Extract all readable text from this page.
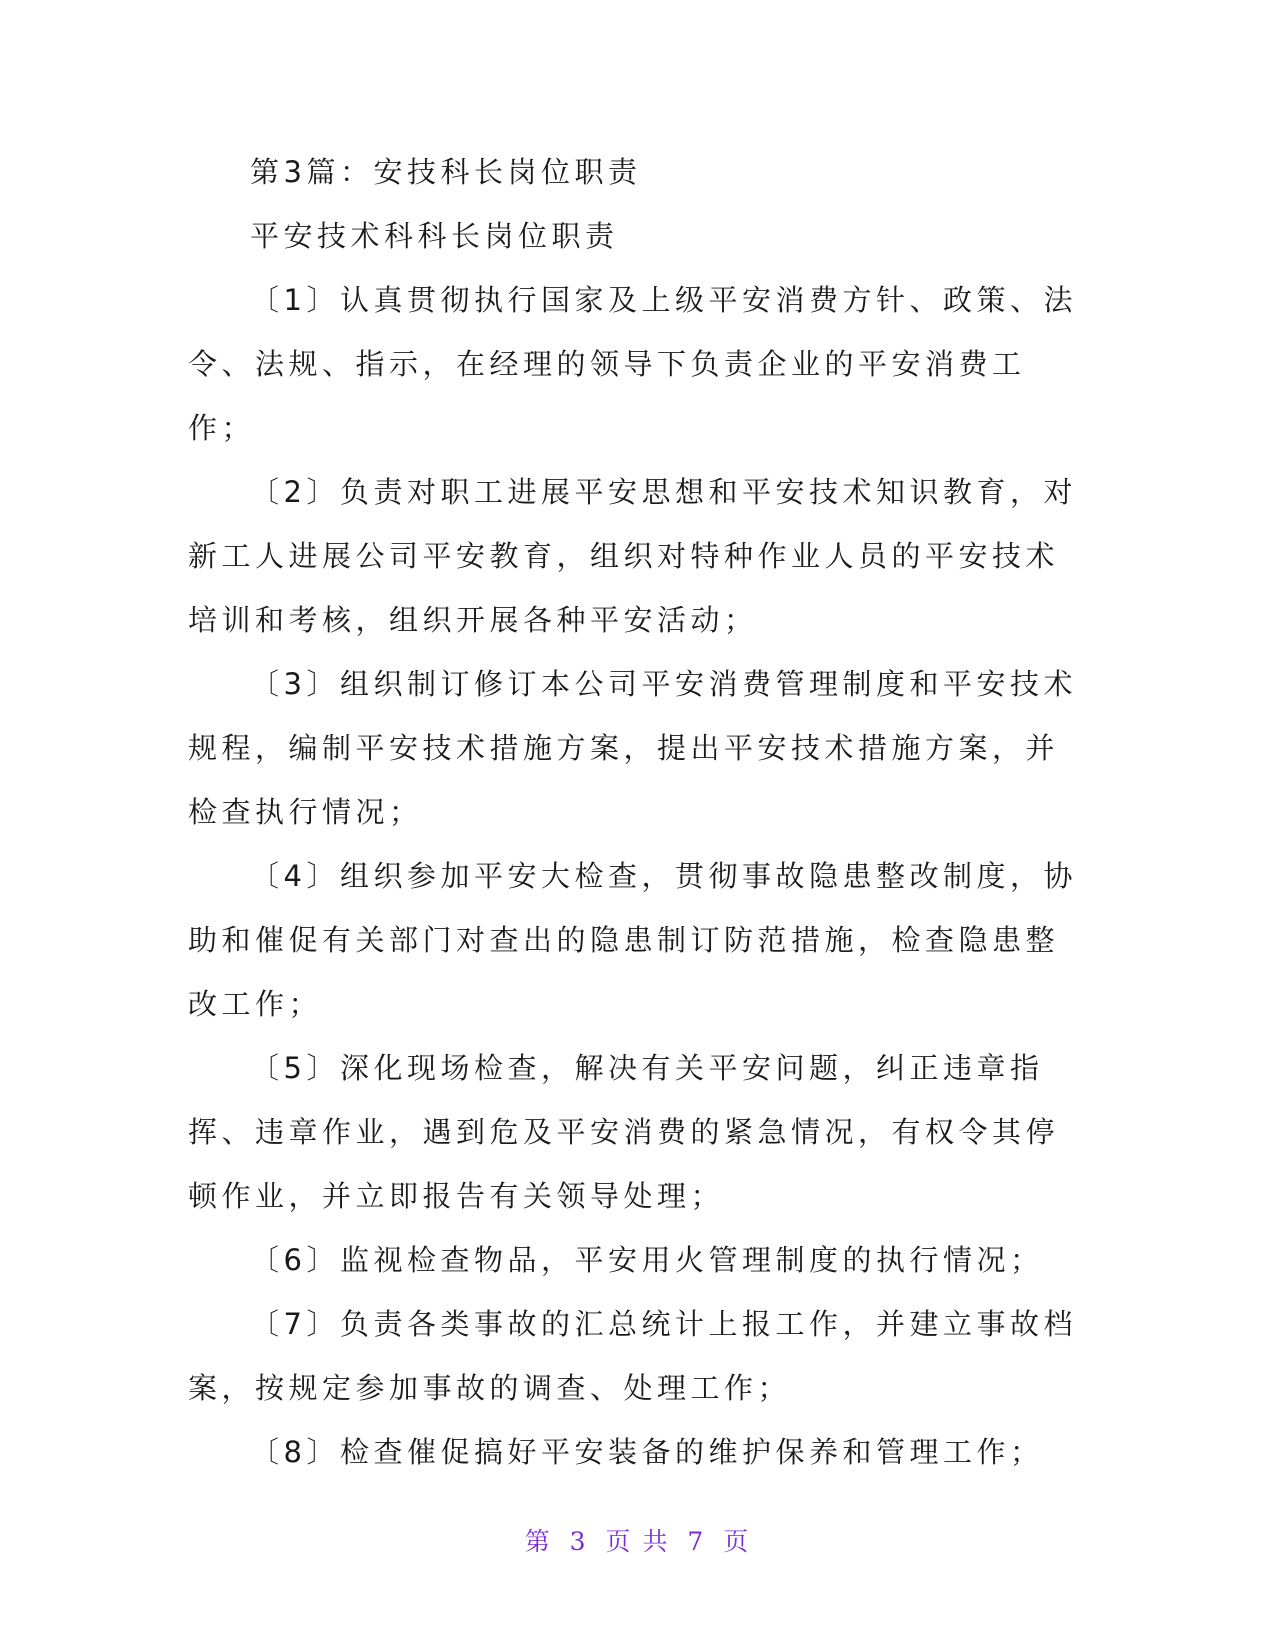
第3篇：安技科长岗位职责

平安技术科科长岗位职责

〔1〕认真贯彻执行国家及上级平安消费方针、政策、法令、法规、指示，在经理的领导下负责企业的平安消费工作；

〔2〕负责对职工进展平安思想和平安技术知识教育，对新工人进展公司平安教育，组织对特种作业人员的平安技术培训和考核，组织开展各种平安活动；

〔3〕组织制订修订本公司平安消费管理制度和平安技术规程，编制平安技术措施方案，提出平安技术措施方案，并检查执行情况；

〔4〕组织参加平安大检查，贯彻事故隐患整改制度，协助和催促有关部门对查出的隐患制订防范措施，检查隐患整改工作；

〔5〕深化现场检查，解决有关平安问题，纠正违章指挥、违章作业，遇到危及平安消费的紧急情况，有权令其停顿作业，并立即报告有关领导处理；

〔6〕监视检查物品，平安用火管理制度的执行情况；

〔7〕负责各类事故的汇总统计上报工作，并建立事故档案，按规定参加事故的调查、处理工作；

〔8〕检查催促搞好平安装备的维护保养和管理工作；

第 3 页 共 7 页
